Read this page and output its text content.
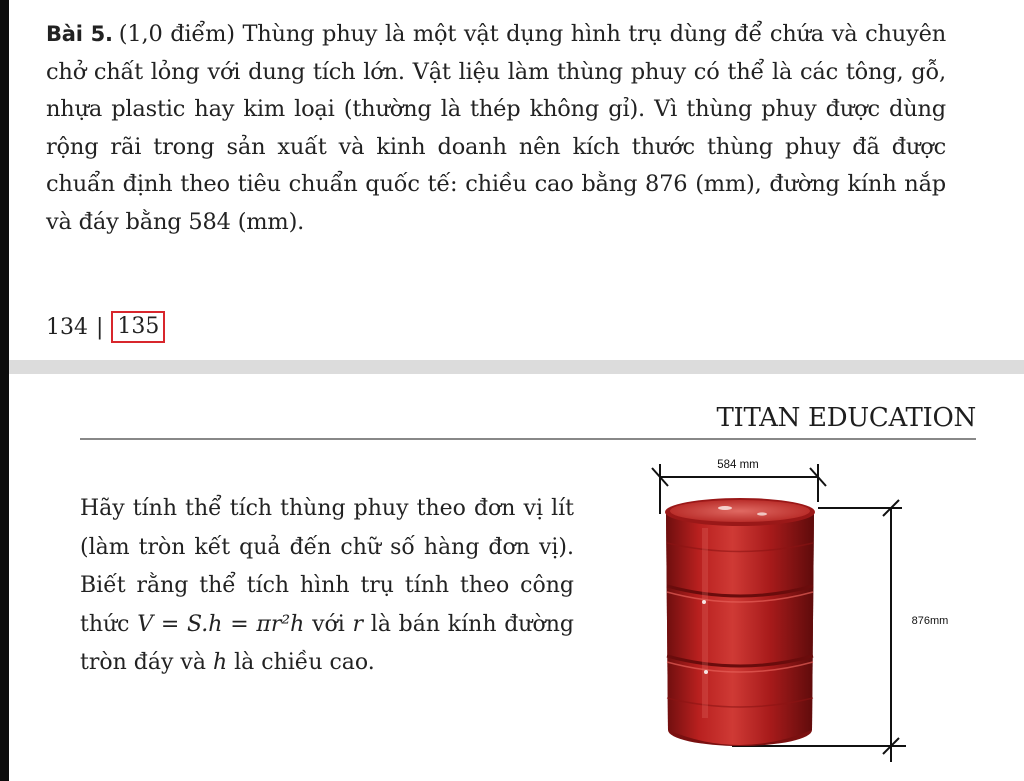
Bài 5. (1,0 điểm) Thùng phuy là một vật dụng hình trụ dùng để chứa và chuyên chở chất lỏng với dung tích lớn. Vật liệu làm thùng phuy có thể là các tông, gỗ, nhựa plastic hay kim loại (thường là thép không gỉ). Vì thùng phuy được dùng rộng rãi trong sản xuất và kinh doanh nên kích thước thùng phuy đã được chuẩn định theo tiêu chuẩn quốc tế: chiều cao bằng 876 (mm), đường kính nắp và đáy bằng 584 (mm).
134 | 135
TITAN EDUCATION
Hãy tính thể tích thùng phuy theo đơn vị lít (làm tròn kết quả đến chữ số hàng đơn vị). Biết rằng thể tích hình trụ tính theo công thức V = S.h = πr²h với r là bán kính đường tròn đáy và h là chiều cao.
584 mm
876mm
